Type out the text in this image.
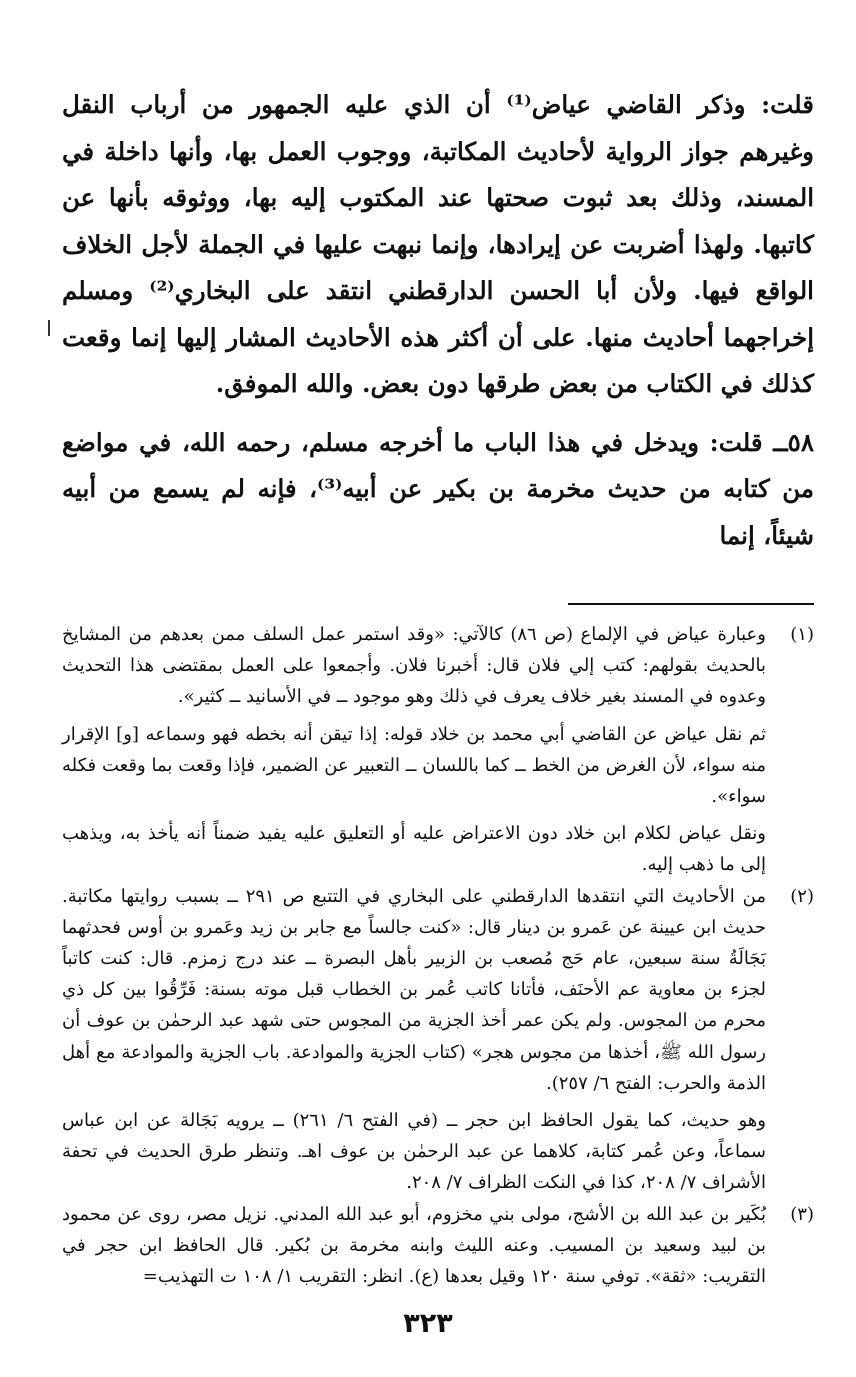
قلت: وذكر القاضي عياض⁽¹⁾ أن الذي عليه الجمهور من أرباب النقل وغيرهم جواز الرواية لأحاديث المكاتبة، ووجوب العمل بها، وأنها داخلة في المسند، وذلك بعد ثبوت صحتها عند المكتوب إليه بها، ووثوقه بأنها عن كاتبها. ولهذا أضربت عن إيرادها، وإنما نبهت عليها في الجملة لأجل الخلاف الواقع فيها. ولأن أبا الحسن الدارقطني انتقد على البخاري⁽²⁾ ومسلم إخراجهما أحاديث منها. على أن أكثر هذه الأحاديث المشار إليها إنما وقعت كذلك في الكتاب من بعض طرقها دون بعض. والله الموفق.

٥٨ــ قلت: ويدخل في هذا الباب ما أخرجه مسلم، رحمه الله، في مواضع من كتابه من حديث مخرمة بن بكير عن أبيه⁽³⁾، فإنه لم يسمع من أبيه شيئاً، إنما

(١)

وعبارة عياض في الإلماع (ص ٨٦) كالآتي: «وقد استمر عمل السلف ممن بعدهم من المشايخ بالحديث بقولهم: كتب إلي فلان قال: أخبرنا فلان. وأجمعوا على العمل بمقتضى هذا التحديث وعدوه في المسند بغير خلاف يعرف في ذلك وهو موجود ــ في الأسانيد ــ كثير».

ثم نقل عياض عن القاضي أبي محمد بن خلاد قوله: إذا تيقن أنه بخطه فهو وسماعه [و] الإقرار منه سواء، لأن الغرض من الخط ــ كما باللسان ــ التعبير عن الضمير، فإذا وقعت بما وقعت فكله سواء».

ونقل عياض لكلام ابن خلاد دون الاعتراض عليه أو التعليق عليه يفيد ضمناً أنه يأخذ به، ويذهب إلى ما ذهب إليه.

(٢)

من الأحاديث التي انتقدها الدارقطني على البخاري في التتبع ص ٢٩١ ــ بسبب روايتها مكاتبة. حديث ابن عيينة عن عَمرو بن دينار قال: «كنت جالساً مع جابر بن زيد وعَمرو بن أوس فحدثهما بَجَالَةُ سنة سبعين، عام حَج مُصعب بن الزبير بأهل البصرة ــ عند درج زمزم. قال: كنت كاتباً لجزء بن معاوية عم الأحنَف، فأتانا كاتب عُمر بن الخطاب قبل موته بسنة: فَرِّقُوا بين كل ذي محرم من المجوس. ولم يكن عمر أخذ الجزية من المجوس حتى شهد عبد الرحمٰن بن عوف أن رسول الله ﷺ، أخذها من مجوس هجر» (كتاب الجزية والموادعة. باب الجزية والموادعة مع أهل الذمة والحرب: الفتح ٦/ ٢٥٧).

وهو حديث، كما يقول الحافظ ابن حجر ــ (في الفتح ٦/ ٢٦١) ــ يرويه بَجَالة عن ابن عباس سماعاً، وعن عُمر كتابة، كلاهما عن عبد الرحمٰن بن عوف اهـ. وتنظر طرق الحديث في تحفة الأشراف ٧/ ٢٠٨، كذا في النكت الظراف ٧/ ٢٠٨.

(٣)

بُكَير بن عبد الله بن الأشج، مولى بني مخزوم، أبو عبد الله المدني. نزيل مصر، روى عن محمود بن لبيد وسعيد بن المسيب. وعنه الليث وابنه مخرمة بن بُكير. قال الحافظ ابن حجر في التقريب: «ثقة». توفي سنة ١٢٠ وقيل بعدها (ع). انظر: التقريب ١/ ١٠٨ ت التهذيب=

٣٢٣
